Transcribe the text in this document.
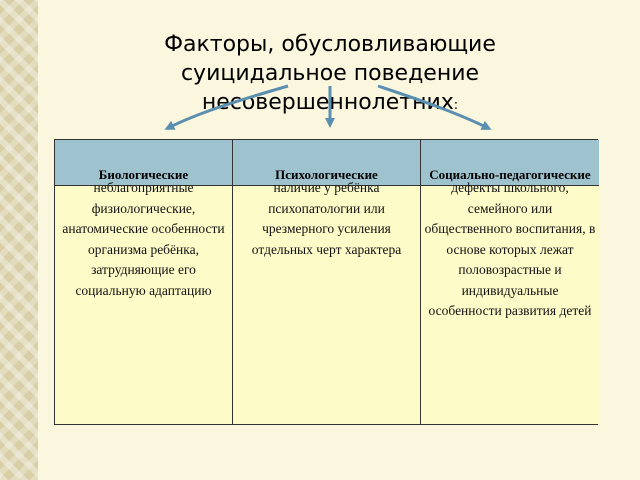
Факторы, обусловливающие
суицидальное поведение
несовершеннолетних:
Биологические
неблагоприятные физиологические, анатомические особенности организма ребёнка, затрудняющие его социальную адаптацию
Психологические
наличие у ребёнка психопатологии или чрезмерного усиления отдельных черт характера
Социально-педагогические
дефекты школьного, семейного или общественного воспитания, в основе которых лежат половозрастные и индивидуальные особенности развития детей
